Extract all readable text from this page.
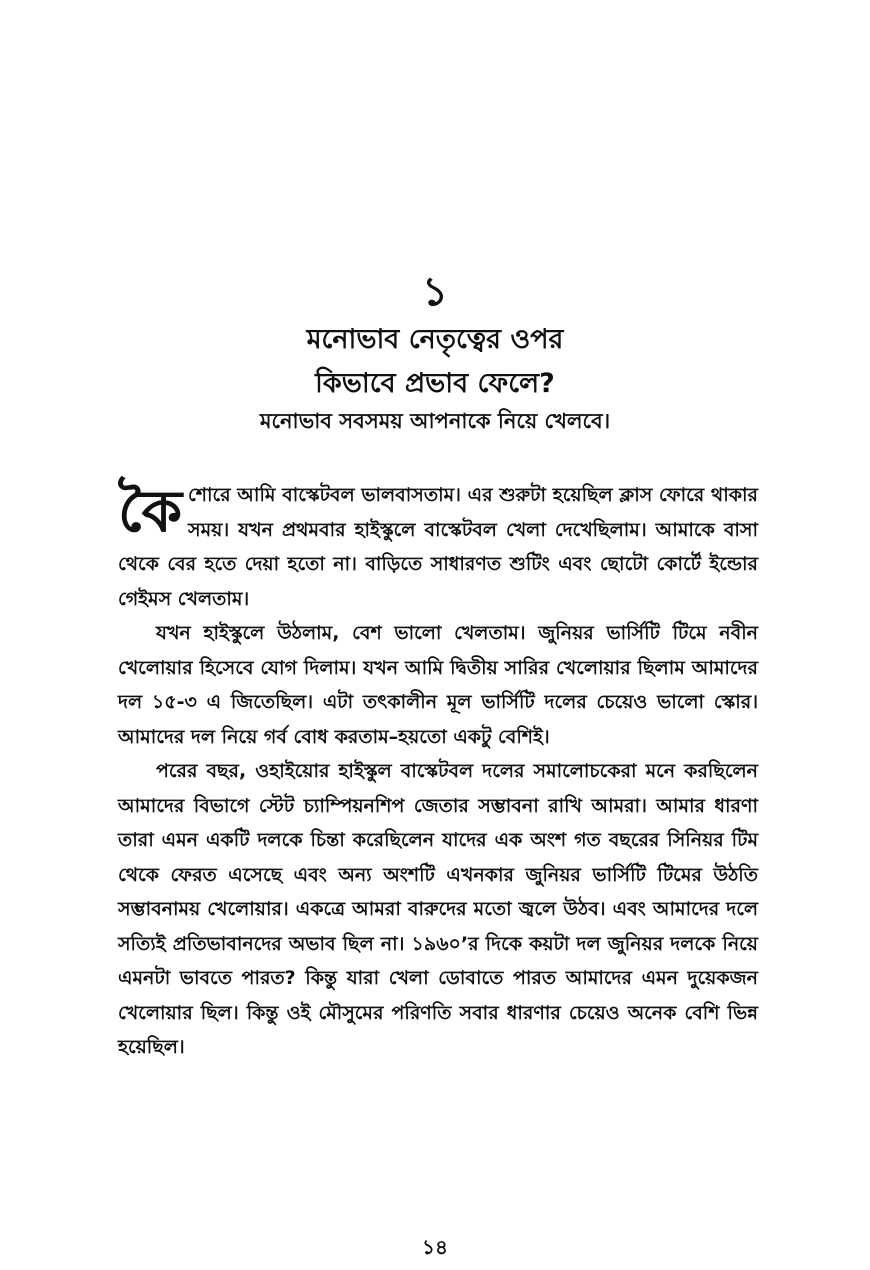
১
মনোভাব নেতৃত্বের ওপর
কিভাবে প্রভাব ফেলে?
মনোভাব সবসময় আপনাকে নিয়ে খেলবে।

কৈশোরে আমি বাস্কেটবল ভালবাসতাম। এর শুরুটা হয়েছিল ক্লাস ফোরে থাকার সময়। যখন প্রথমবার হাইস্কুলে বাস্কেটবল খেলা দেখেছিলাম। আমাকে বাসা থেকে বের হতে দেয়া হতো না। বাড়িতে সাধারণত শুটিং এবং ছোটো কোর্টে ইন্ডোর গেইমস খেলতাম।

যখন হাইস্কুলে উঠলাম, বেশ ভালো খেলতাম। জুনিয়র ভার্সিটি টিমে নবীন খেলোয়ার হিসেবে যোগ দিলাম। যখন আমি দ্বিতীয় সারির খেলোয়ার ছিলাম আমাদের দল ১৫-৩ এ জিতেছিল। এটা তৎকালীন মূল ভার্সিটি দলের চেয়েও ভালো স্কোর। আমাদের দল নিয়ে গর্ব বোধ করতাম–হয়তো একটু বেশিই।

পরের বছর, ওহাইয়োর হাইস্কুল বাস্কেটবল দলের সমালোচকেরা মনে করছিলেন আমাদের বিভাগে স্টেট চ্যাম্পিয়নশিপ জেতার সম্ভাবনা রাখি আমরা। আমার ধারণা তারা এমন একটি দলকে চিন্তা করেছিলেন যাদের এক অংশ গত বছরের সিনিয়র টিম থেকে ফেরত এসেছে এবং অন্য অংশটি এখনকার জুনিয়র ভার্সিটি টিমের উঠতি সম্ভাবনাময় খেলোয়ার। একত্রে আমরা বারুদের মতো জ্বলে উঠব। এবং আমাদের দলে সত্যিই প্রতিভাবানদের অভাব ছিল না। ১৯৬০’র দিকে কয়টা দল জুনিয়র দলকে নিয়ে এমনটা ভাবতে পারত? কিন্তু যারা খেলা ডোবাতে পারত আমাদের এমন দুয়েকজন খেলোয়ার ছিল। কিন্তু ওই মৌসুমের পরিণতি সবার ধারণার চেয়েও অনেক বেশি ভিন্ন হয়েছিল।

১৪
